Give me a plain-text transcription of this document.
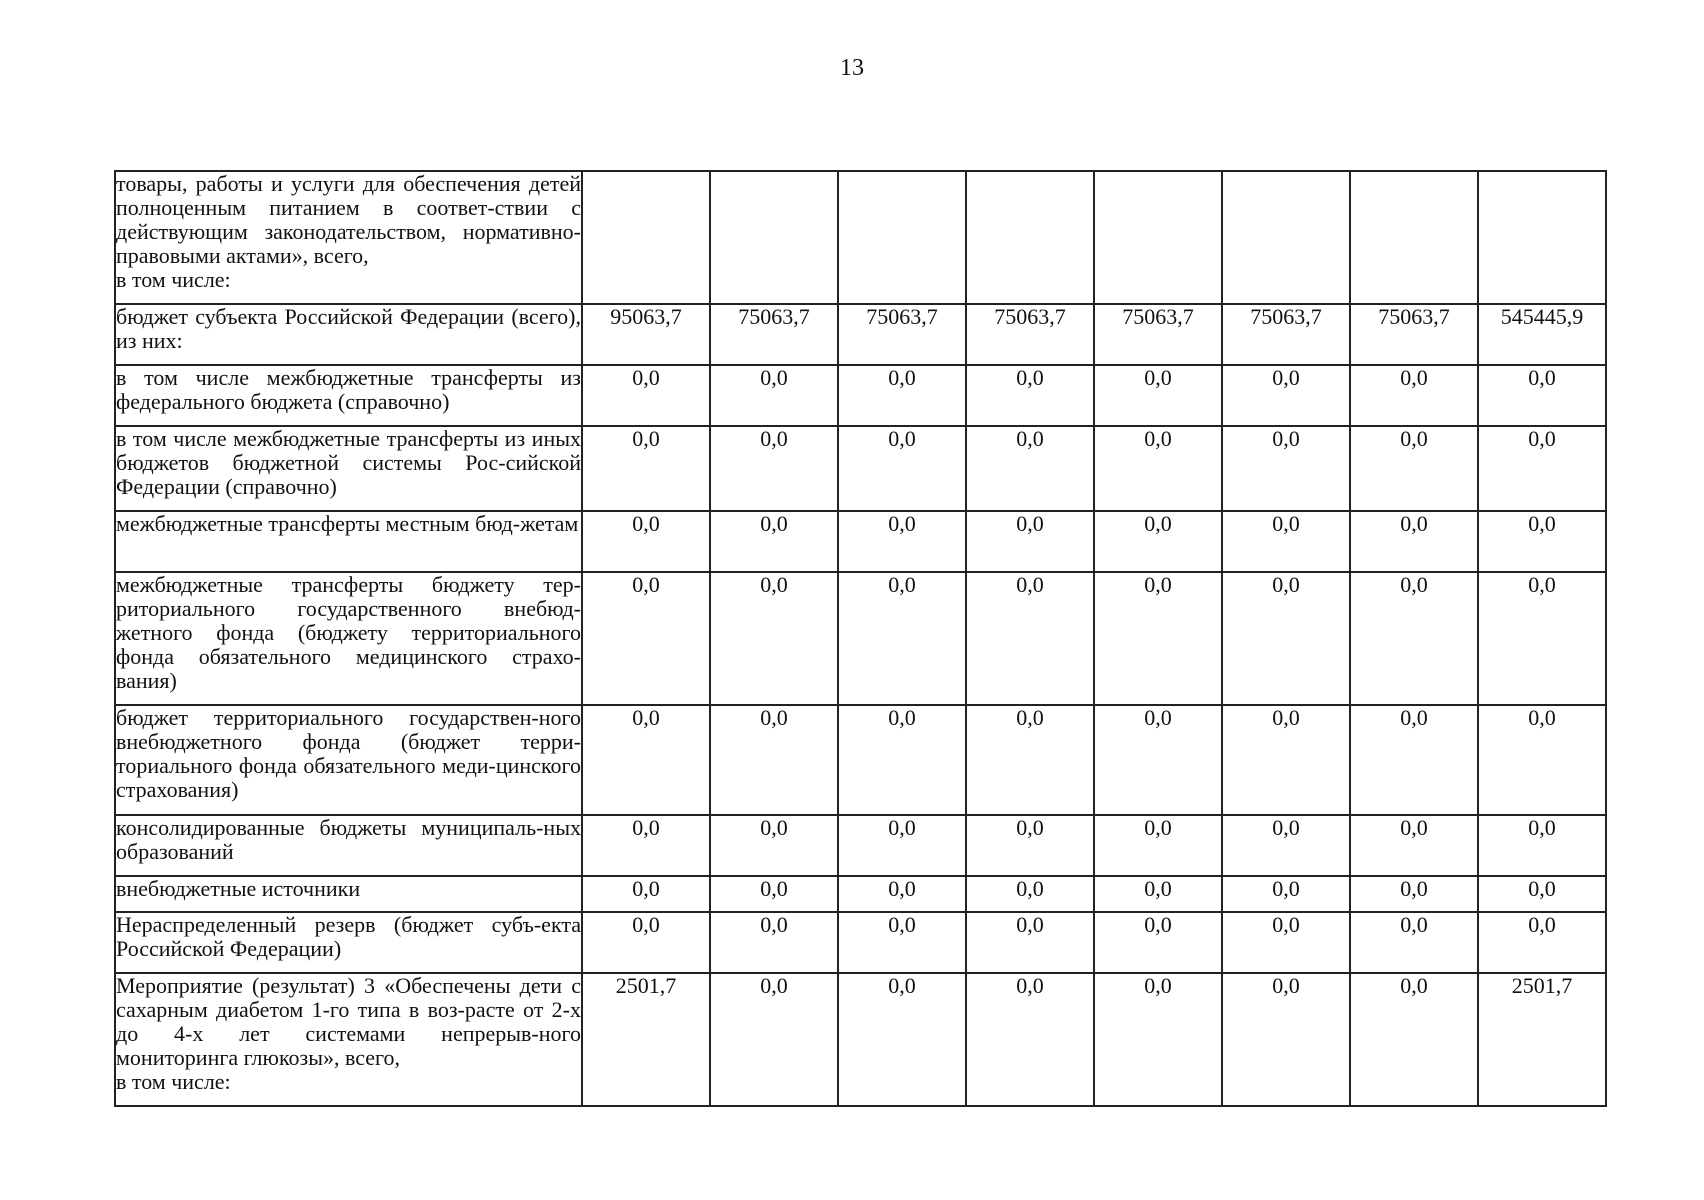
13
товары, работы и услуги для обеспечения детей полноценным питанием в соответ-ствии с действующим законодательством, нормативно-правовыми актами», всего,
в том числе:								

бюджет субъекта Российской Федерации (всего), из них:	95063,7	75063,7	75063,7	75063,7	75063,7	75063,7	75063,7	545445,9

в том числе межбюджетные трансферты из федерального бюджета (справочно)	0,0	0,0	0,0	0,0	0,0	0,0	0,0	0,0

в том числе межбюджетные трансферты из иных бюджетов бюджетной системы Рос-сийской Федерации (справочно)	0,0	0,0	0,0	0,0	0,0	0,0	0,0	0,0

межбюджетные трансферты местным бюд-жетам	0,0	0,0	0,0	0,0	0,0	0,0	0,0	0,0

межбюджетные трансферты бюджету тер-риториального государственного внебюд-жетного фонда (бюджету территориального фонда обязательного медицинского страхо-вания)	0,0	0,0	0,0	0,0	0,0	0,0	0,0	0,0

бюджет территориального государствен-ного внебюджетного фонда (бюджет терри-ториального фонда обязательного меди-цинского страхования)	0,0	0,0	0,0	0,0	0,0	0,0	0,0	0,0

консолидированные бюджеты муниципаль-ных образований	0,0	0,0	0,0	0,0	0,0	0,0	0,0	0,0

внебюджетные источники	0,0	0,0	0,0	0,0	0,0	0,0	0,0	0,0

Нераспределенный резерв (бюджет субъ-екта Российской Федерации)	0,0	0,0	0,0	0,0	0,0	0,0	0,0	0,0

Мероприятие (результат) 3 «Обеспечены дети с сахарным диабетом 1-го типа в воз-расте от 2-х до 4-х лет системами непрерыв-ного мониторинга глюкозы», всего,
в том числе:	2501,7	0,0	0,0	0,0	0,0	0,0	0,0	2501,7
